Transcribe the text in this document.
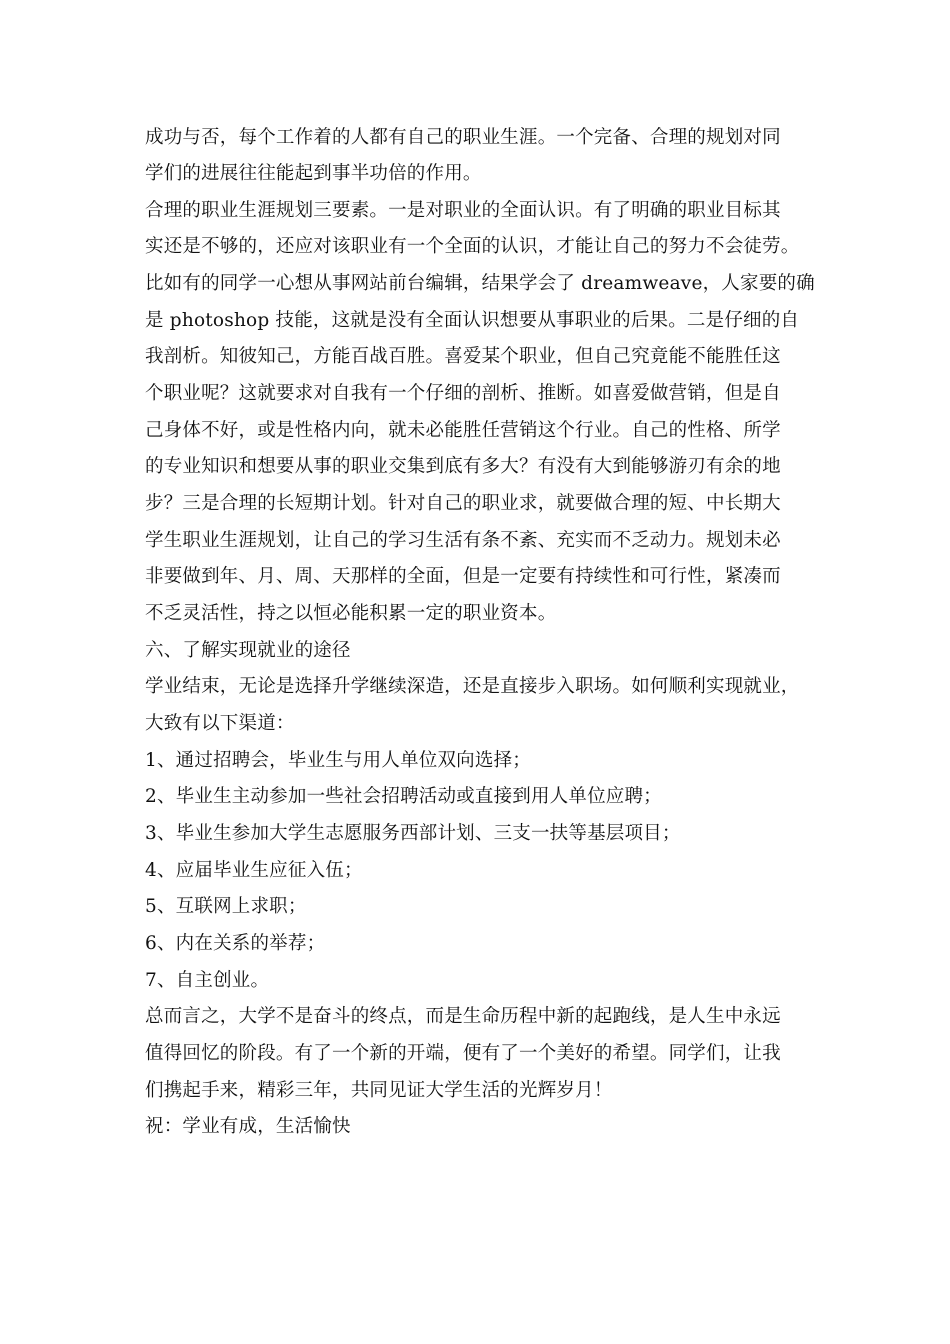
成功与否，每个工作着的人都有自己的职业生涯。一个完备、合理的规划对同
学们的进展往往能起到事半功倍的作用。
合理的职业生涯规划三要素。一是对职业的全面认识。有了明确的职业目标其
实还是不够的，还应对该职业有一个全面的认识，才能让自己的努力不会徒劳。
比如有的同学一心想从事网站前台编辑，结果学会了 dreamweave，人家要的确
是 photoshop 技能，这就是没有全面认识想要从事职业的后果。二是仔细的自
我剖析。知彼知己，方能百战百胜。喜爱某个职业，但自己究竟能不能胜任这
个职业呢？这就要求对自我有一个仔细的剖析、推断。如喜爱做营销，但是自
己身体不好，或是性格内向，就未必能胜任营销这个行业。自己的性格、所学
的专业知识和想要从事的职业交集到底有多大？有没有大到能够游刃有余的地
步？三是合理的长短期计划。针对自己的职业求，就要做合理的短、中长期大
学生职业生涯规划，让自己的学习生活有条不紊、充实而不乏动力。规划未必
非要做到年、月、周、天那样的全面，但是一定要有持续性和可行性，紧凑而
不乏灵活性，持之以恒必能积累一定的职业资本。
六、了解实现就业的途径
学业结束，无论是选择升学继续深造，还是直接步入职场。如何顺利实现就业，
大致有以下渠道：
1、通过招聘会，毕业生与用人单位双向选择；
2、毕业生主动参加一些社会招聘活动或直接到用人单位应聘；
3、毕业生参加大学生志愿服务西部计划、三支一扶等基层项目；
4、应届毕业生应征入伍；
5、互联网上求职；
6、内在关系的举荐；
7、自主创业。
总而言之，大学不是奋斗的终点，而是生命历程中新的起跑线，是人生中永远
值得回忆的阶段。有了一个新的开端，便有了一个美好的希望。同学们，让我
们携起手来，精彩三年，共同见证大学生活的光辉岁月！
祝：学业有成，生活愉快
